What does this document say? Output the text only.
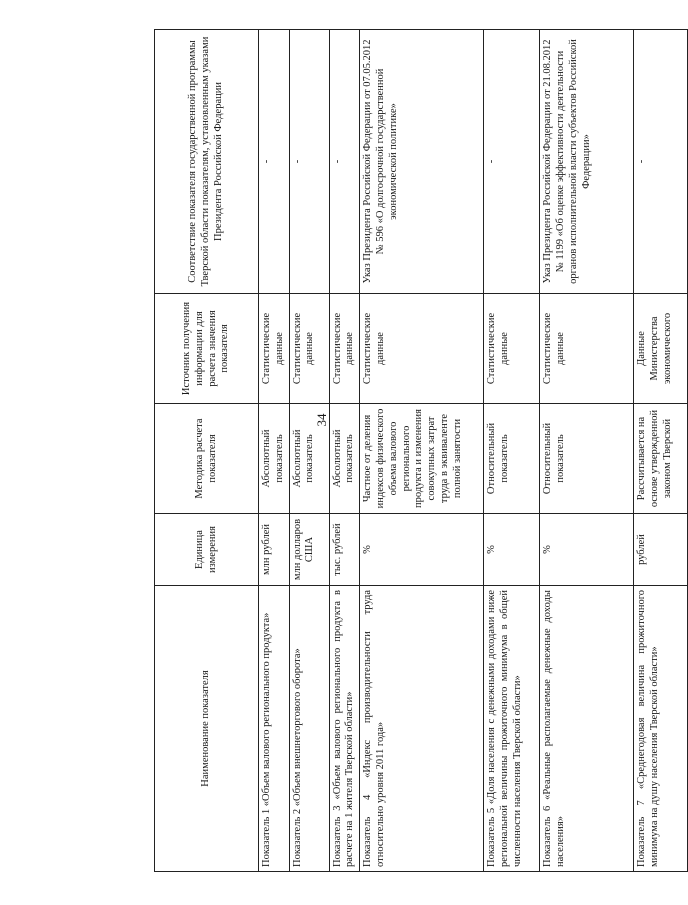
34
Наименование показателя	Единица измерения	Методика расчета показателя	Источник получения информации для расчета значения показателя	Соответствие показателя государственной программы Тверской области показателям, установленным указами Президента Российской Федерации
Показатель 1 «Объем валового регионального продукта»	млн рублей	Абсолютный показатель	Статистические данные	-
Показатель 2 «Объем внешнеторгового оборота»	млн долларов США	Абсолютный показатель	Статистические данные	-
Показатель 3 «Объем валового регионального продукта в расчете на 1 жителя Тверской области»	тыс. рублей	Абсолютный показатель	Статистические данные	-
Показатель 4 «Индекс производительности труда относительно уровня 2011 года»	%	Частное от деления индексов физического объема валового регионального продукта и изменения совокупных затрат труда в эквиваленте полной занятости	Статистические данные	Указ Президента Российской Федерации от 07.05.2012 № 596 «О долгосрочной государственной экономической политике»
Показатель 5 «Доля населения с денежными доходами ниже региональной величины прожиточного минимума в общей численности населения Тверской области»	%	Относительный показатель	Статистические данные	-
Показатель 6 «Реальные располагаемые денежные доходы населения»	%	Относительный показатель	Статистические данные	Указ Президента Российской Федерации от 21.08.2012 № 1199 «Об оценке эффективности деятельности органов исполнительной власти субъектов Российской Федерации»
Показатель 7 «Среднегодовая величина прожиточного минимума на душу населения Тверской области»	рублей	Рассчитывается на основе утвержденной законом Тверской	Данные Министерства экономического	-
